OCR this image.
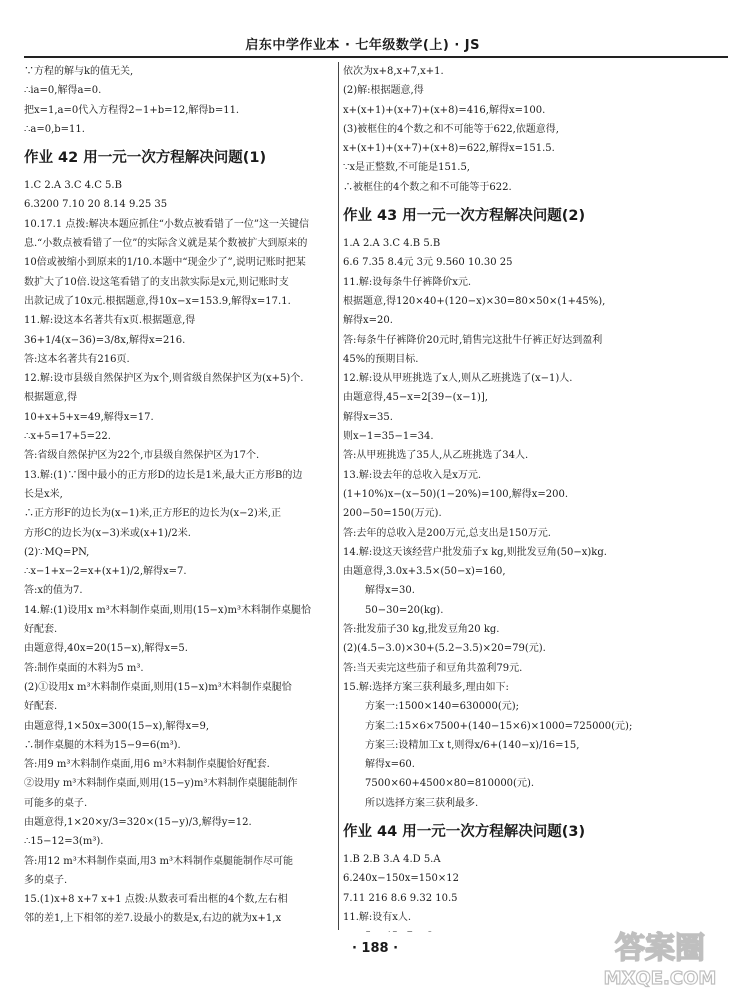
启东中学作业本 · 七年级数学(上) · JS
∵方程的解与k的值无关,
∴ia=0,解得a=0.
把x=1,a=0代入方程得2−1+b=12,解得b=11.
∴a=0,b=11.
作业 42 用一元一次方程解决问题(1)
1.C 2.A 3.C 4.C 5.B
6.3200 7.10 20 8.14 9.25 35
10.17.1 点拨:解决本题应抓住“小数点被看错了一位”这一关键信
息.“小数点被看错了一位”的实际含义就是某个数被扩大到原来的
10倍或被缩小到原来的1/10.本题中“现金少了”,说明记账时把某
数扩大了10倍.设这笔看错了的支出款实际是x元,则记账时支
出款记成了10x元.根据题意,得10x−x=153.9,解得x=17.1.
11.解:设这本名著共有x页.根据题意,得
36+1/4(x−36)=3/8x,解得x=216.
答:这本名著共有216页.
12.解:设市县级自然保护区为x个,则省级自然保护区为(x+5)个.
根据题意,得
10+x+5+x=49,解得x=17.
∴x+5=17+5=22.
答:省级自然保护区为22个,市县级自然保护区为17个.
13.解:(1)∵图中最小的正方形D的边长是1米,最大正方形B的边
长是x米,
∴正方形F的边长为(x−1)米,正方形E的边长为(x−2)米,正
方形C的边长为(x−3)米或(x+1)/2米.
(2)∵MQ=PN,
∴x−1+x−2=x+(x+1)/2,解得x=7.
答:x的值为7.
14.解:(1)设用x m³木料制作桌面,则用(15−x)m³木料制作桌腿恰
好配套.
由题意得,40x=20(15−x),解得x=5.
答:制作桌面的木料为5 m³.
(2)①设用x m³木料制作桌面,则用(15−x)m³木料制作桌腿恰
好配套.
由题意得,1×50x=300(15−x),解得x=9,
∴制作桌腿的木料为15−9=6(m³).
答:用9 m³木料制作桌面,用6 m³木料制作桌腿恰好配套.
②设用y m³木料制作桌面,则用(15−y)m³木料制作桌腿能制作
可能多的桌子.
由题意得,1×20×y/3=320×(15−y)/3,解得y=12.
∴15−12=3(m³).
答:用12 m³木料制作桌面,用3 m³木料制作桌腿能制作尽可能
多的桌子.
15.(1)x+8 x+7 x+1 点拨:从数表可看出框的4个数,左右相
邻的差1,上下相邻的差7.设最小的数是x,右边的就为x+1,x
依次为x+8,x+7,x+1.
(2)解:根据题意,得
x+(x+1)+(x+7)+(x+8)=416,解得x=100.
(3)被框住的4个数之和不可能等于622,依题意得,
x+(x+1)+(x+7)+(x+8)=622,解得x=151.5.
∵x是正整数,不可能是151.5,
∴被框住的4个数之和不可能等于622.
作业 43 用一元一次方程解决问题(2)
1.A 2.A 3.C 4.B 5.B
6.6 7.35 8.4元 3元 9.560 10.30 25
11.解:设每条牛仔裤降价x元.
根据题意,得120×40+(120−x)×30=80×50×(1+45%),
解得x=20.
答:每条牛仔裤降价20元时,销售完这批牛仔裤正好达到盈利
45%的预期目标.
12.解:设从甲班挑选了x人,则从乙班挑选了(x−1)人.
由题意得,45−x=2[39−(x−1)],
解得x=35.
则x−1=35−1=34.
答:从甲班挑选了35人,从乙班挑选了34人.
13.解:设去年的总收入是x万元.
(1+10%)x−(x−50)(1−20%)=100,解得x=200.
200−50=150(万元).
答:去年的总收入是200万元,总支出是150万元.
14.解:设这天该经营户批发茄子x kg,则批发豆角(50−x)kg.
由题意得,3.0x+3.5×(50−x)=160,
解得x=30.
50−30=20(kg).
答:批发茄子30 kg,批发豆角20 kg.
(2)(4.5−3.0)×30+(5.2−3.5)×20=79(元).
答:当天卖完这些茄子和豆角共盈利79元.
15.解:选择方案三获利最多,理由如下:
方案一:1500×140=630000(元);
方案二:15×6×7500+(140−15×6)×1000=725000(元);
方案三:设精加工x t,则得x/6+(140−x)/16=15,
解得x=60.
7500×60+4500×80=810000(元).
所以选择方案三获利最多.
作业 44 用一元一次方程解决问题(3)
1.B 2.B 3.A 4.D 5.A
6.240x−150x=150×12
7.11 216 8.6 9.32 10.5
11.解:设有x人.
· 188 ·	答案圈
MXQE.COM
